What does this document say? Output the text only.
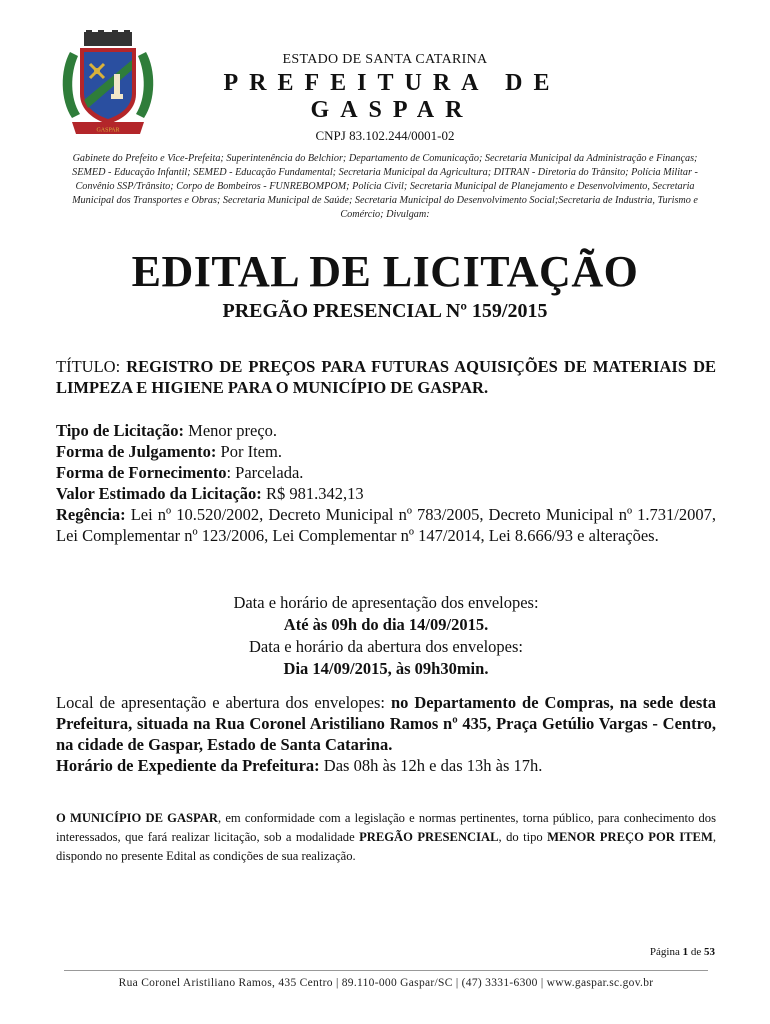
GASPAR
ESTADO DE SANTA CATARINA
PREFEITURA DE GASPAR
CNPJ 83.102.244/0001-02
Gabinete do Prefeito e Vice-Prefeita; Superintenência do Belchior; Departamento de Comunicação; Secretaria Municipal da Administração e Finanças; SEMED - Educação Infantil; SEMED - Educação Fundamental; Secretaria Municipal da Agricultura; DITRAN - Diretoria do Trânsito; Polícia Militar - Convênio SSP/Trânsito; Corpo de Bombeiros - FUNREBOMPOM; Polícia Civil; Secretaria Municipal de Planejamento e Desenvolvimento, Secretaria Municipal dos Transportes e Obras; Secretaria Municipal de Saúde; Secretaria Municipal do Desenvolvimento Social;Secretaria de Industria, Turismo e Comércio; Divulgam:
EDITAL DE LICITAÇÃO
PREGÃO PRESENCIAL Nº 159/2015
TÍTULO: REGISTRO DE PREÇOS PARA FUTURAS AQUISIÇÕES DE MATERIAIS DE LIMPEZA E HIGIENE PARA O MUNICÍPIO DE GASPAR.

Tipo de Licitação: Menor preço.

Forma de Julgamento: Por Item.

Forma de Fornecimento: Parcelada.

Valor Estimado da Licitação: R$ 981.342,13

Regência: Lei nº 10.520/2002, Decreto Municipal nº 783/2005, Decreto Municipal nº 1.731/2007, Lei Complementar nº 123/2006, Lei Complementar nº 147/2014, Lei 8.666/93 e alterações.

Data e horário de apresentação dos envelopes:
Até às 09h do dia 14/09/2015.
Data e horário da abertura dos envelopes:
Dia 14/09/2015, às 09h30min.
Local de apresentação e abertura dos envelopes: no Departamento de Compras, na sede desta Prefeitura, situada na Rua Coronel Aristiliano Ramos nº 435, Praça Getúlio Vargas - Centro, na cidade de Gaspar, Estado de Santa Catarina.
Horário de Expediente da Prefeitura: Das 08h às 12h e das 13h às 17h.
O MUNICÍPIO DE GASPAR, em conformidade com a legislação e normas pertinentes, torna público, para conhecimento dos interessados, que fará realizar licitação, sob a modalidade PREGÃO PRESENCIAL, do tipo MENOR PREÇO POR ITEM, dispondo no presente Edital as condições de sua realização.
Página 1 de 53
Rua Coronel Aristiliano Ramos, 435 Centro | 89.110-000 Gaspar/SC | (47) 3331-6300 | www.gaspar.sc.gov.br
